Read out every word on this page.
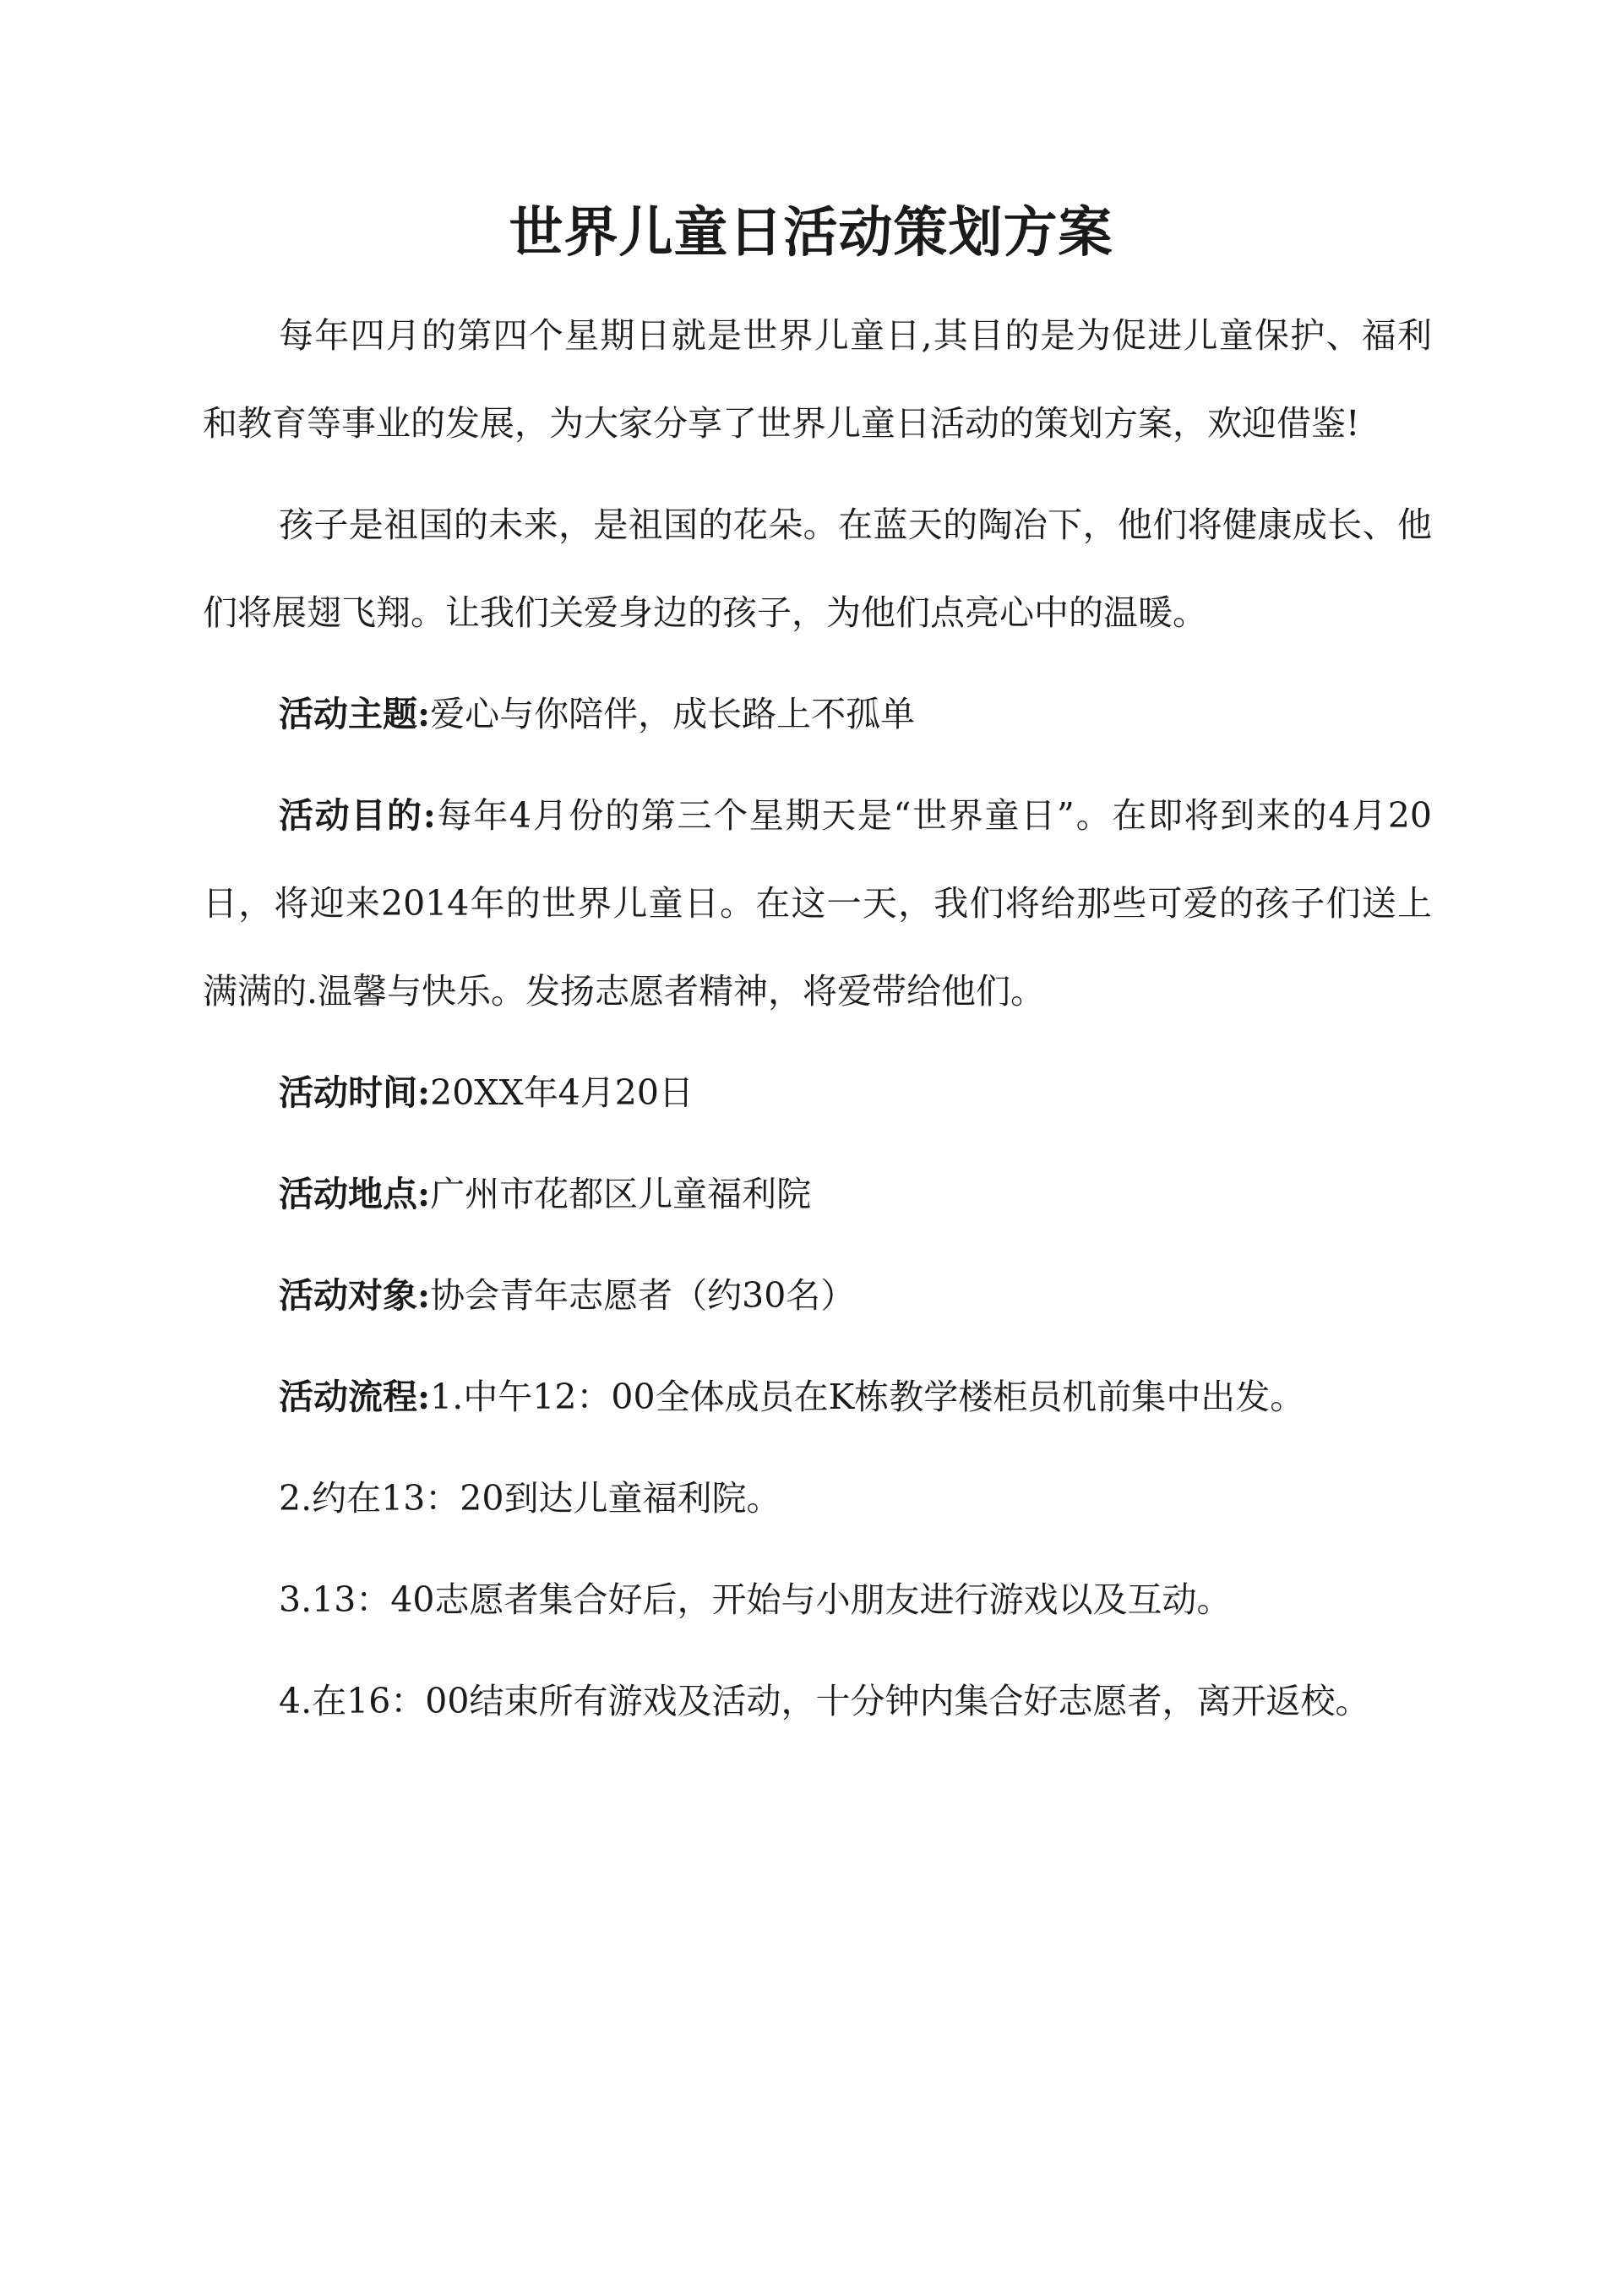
世界儿童日活动策划方案

每年四月的第四个星期日就是世界儿童日,其目的是为促进儿童保护、福利和教育等事业的发展，为大家分享了世界儿童日活动的策划方案，欢迎借鉴!

孩子是祖国的未来，是祖国的花朵。在蓝天的陶冶下，他们将健康成长、他们将展翅飞翔。让我们关爱身边的孩子，为他们点亮心中的温暖。

活动主题:爱心与你陪伴，成长路上不孤单

活动目的:每年4月份的第三个星期天是“世界童日”。在即将到来的4月20日，将迎来2014年的世界儿童日。在这一天，我们将给那些可爱的孩子们送上满满的.温馨与快乐。发扬志愿者精神，将爱带给他们。

活动时间:20XX年4月20日

活动地点:广州市花都区儿童福利院

活动对象:协会青年志愿者（约30名）

活动流程:1.中午12：00全体成员在K栋教学楼柜员机前集中出发。

2.约在13：20到达儿童福利院。

3.13：40志愿者集合好后，开始与小朋友进行游戏以及互动。

4.在16：00结束所有游戏及活动，十分钟内集合好志愿者，离开返校。
